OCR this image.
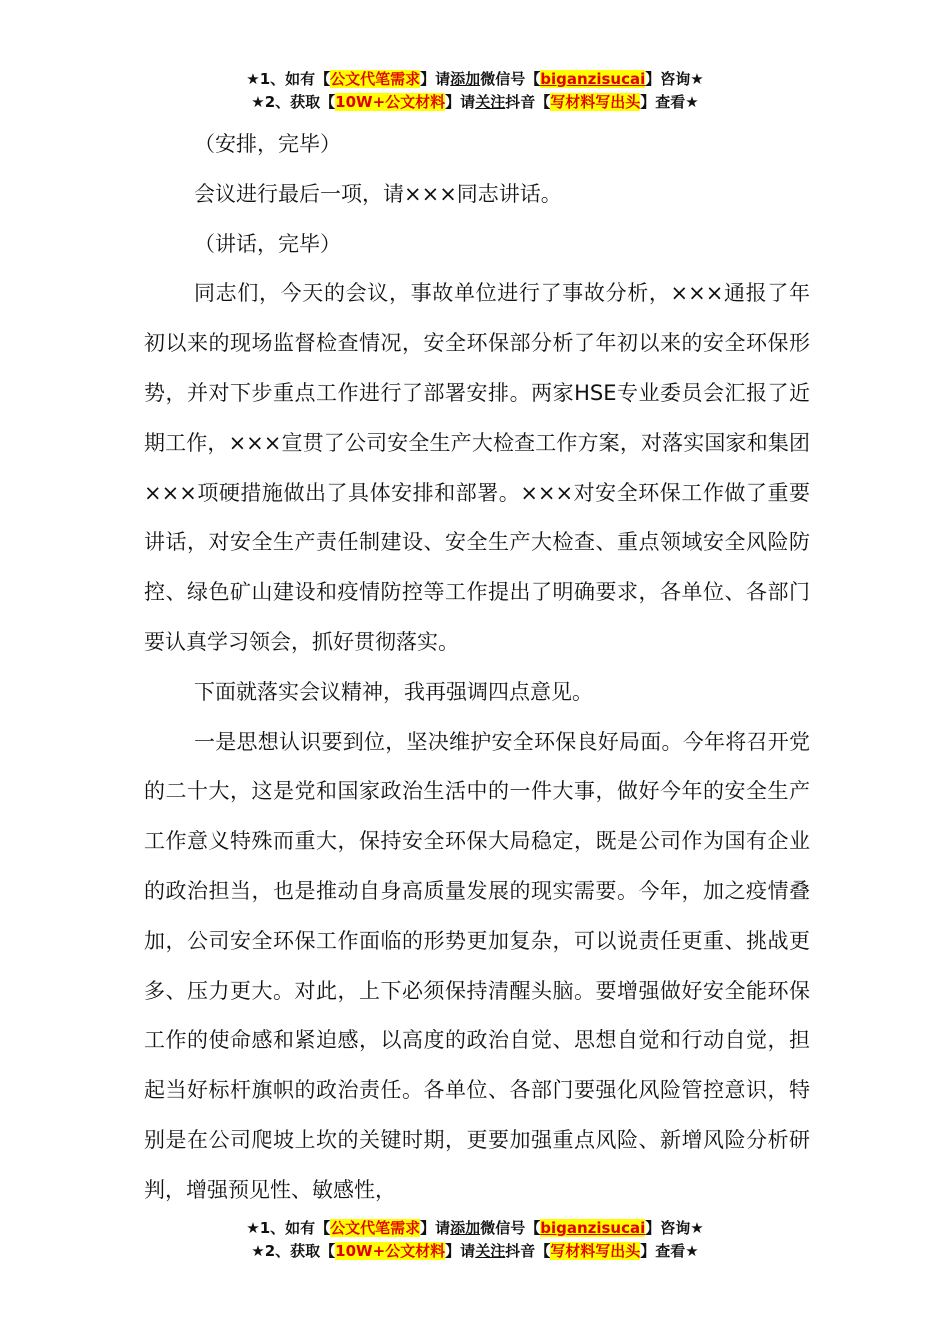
★1、如有【公文代笔需求】请添加微信号【biganzisucai】咨询★
★2、获取【10W+公文材料】请关注抖音【写材料写出头】查看★

（安排，完毕）

会议进行最后一项，请×××同志讲话。

（讲话，完毕）

同志们，今天的会议，事故单位进行了事故分析，×××通报了年初以来的现场监督检查情况，安全环保部分析了年初以来的安全环保形势，并对下步重点工作进行了部署安排。两家HSE专业委员会汇报了近期工作，×××宣贯了公司安全生产大检查工作方案，对落实国家和集团×××项硬措施做出了具体安排和部署。×××对安全环保工作做了重要讲话，对安全生产责任制建设、安全生产大检查、重点领域安全风险防控、绿色矿山建设和疫情防控等工作提出了明确要求，各单位、各部门要认真学习领会，抓好贯彻落实。

下面就落实会议精神，我再强调四点意见。

一是思想认识要到位，坚决维护安全环保良好局面。今年将召开党的二十大，这是党和国家政治生活中的一件大事，做好今年的安全生产工作意义特殊而重大，保持安全环保大局稳定，既是公司作为国有企业的政治担当，也是推动自身高质量发展的现实需要。今年，加之疫情叠加，公司安全环保工作面临的形势更加复杂，可以说责任更重、挑战更多、压力更大。对此，上下必须保持清醒头脑。要增强做好安全能环保工作的使命感和紧迫感，以高度的政治自觉、思想自觉和行动自觉，担起当好标杆旗帜的政治责任。各单位、各部门要强化风险管控意识，特别是在公司爬坡上坎的关键时期，更要加强重点风险、新增风险分析研判，增强预见性、敏感性，

★1、如有【公文代笔需求】请添加微信号【biganzisucai】咨询★
★2、获取【10W+公文材料】请关注抖音【写材料写出头】查看★
